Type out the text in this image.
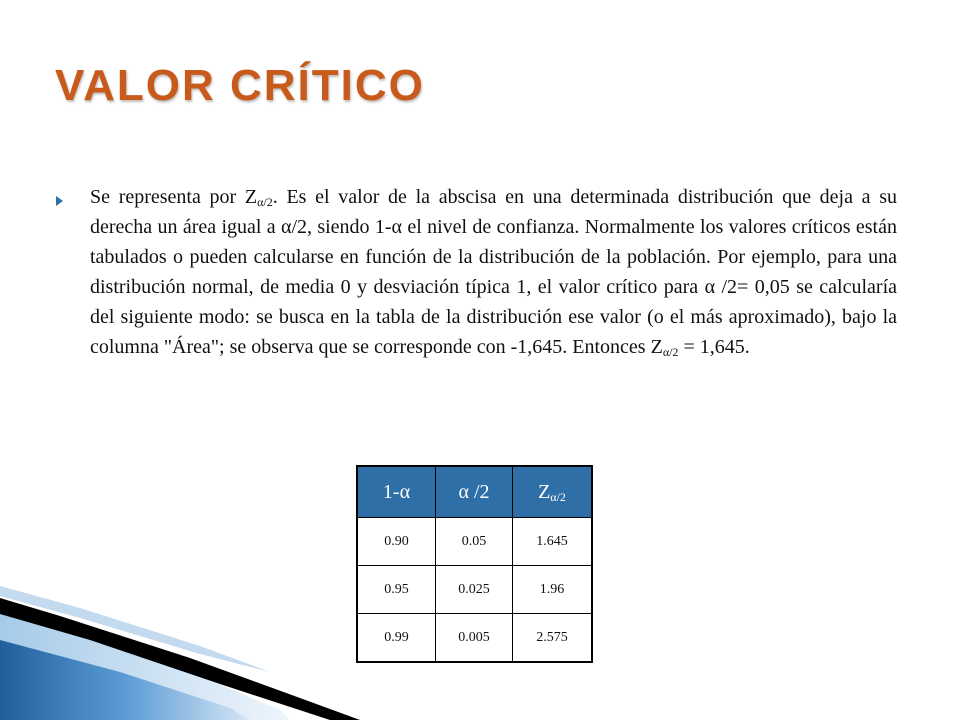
VALOR CRÍTICO

Se representa por $Z_{\alpha/2}$. Es el valor de la abscisa en una determinada distribución que deja a su derecha un área igual a α/2, siendo 1-α el nivel de confianza. Normalmente los valores críticos están tabulados o pueden calcularse en función de la distribución de la población. Por ejemplo, para una distribución normal, de media 0 y desviación típica 1, el valor crítico para α /2= 0,05 se calcularía del siguiente modo: se busca en la tabla de la distribución ese valor (o el más aproximado), bajo la columna "Área"; se observa que se corresponde con -1,645. Entonces $Z_{\alpha/2} = 1,645$.

1-α	α /2	$Z_{\alpha/2}$
0.90	0.05	1.645
0.95	0.025	1.96
0.99	0.005	2.575
